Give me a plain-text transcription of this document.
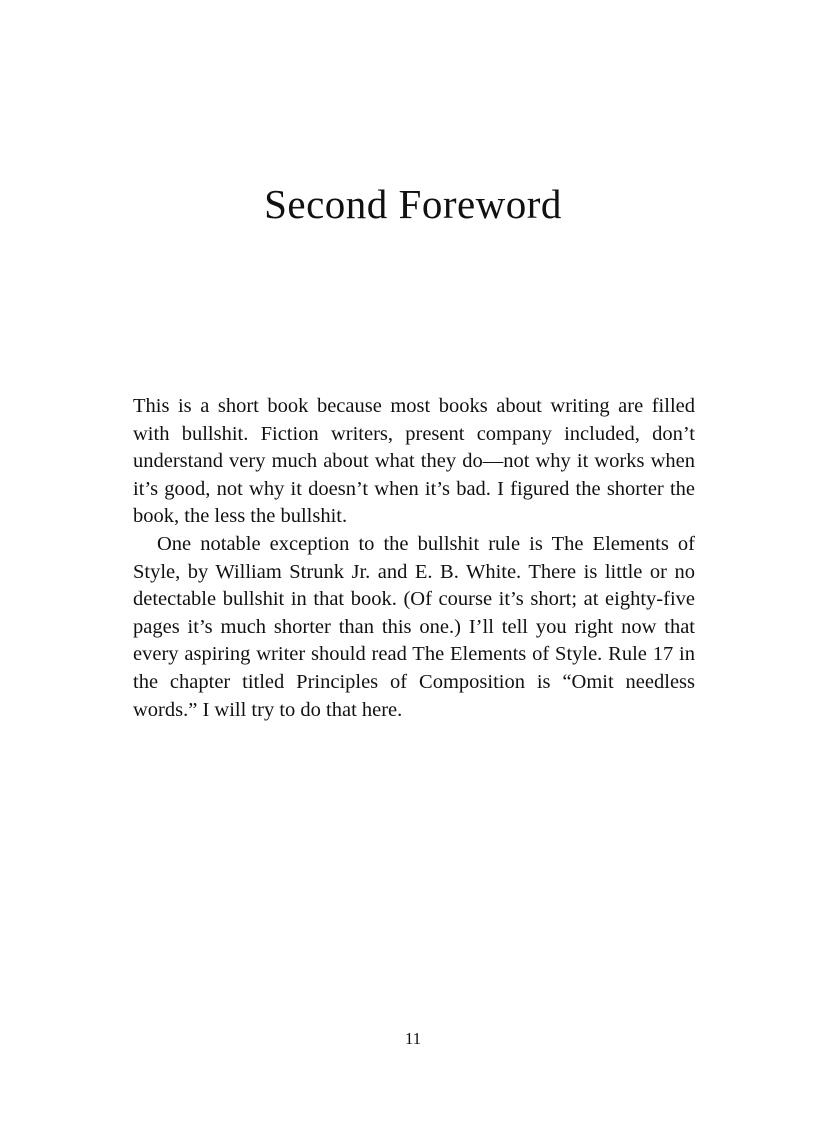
Second Foreword

This is a short book because most books about writing are filled with bullshit. Fiction writers, present company included, don’t understand very much about what they do—not why it works when it’s good, not why it doesn’t when it’s bad. I figured the shorter the book, the less the bullshit.

One notable exception to the bullshit rule is The Elements of Style, by William Strunk Jr. and E. B. White. There is little or no detectable bullshit in that book. (Of course it’s short; at eighty-five pages it’s much shorter than this one.) I’ll tell you right now that every aspiring writer should read The Elements of Style. Rule 17 in the chapter titled Principles of Composition is “Omit needless words.” I will try to do that here.

11
